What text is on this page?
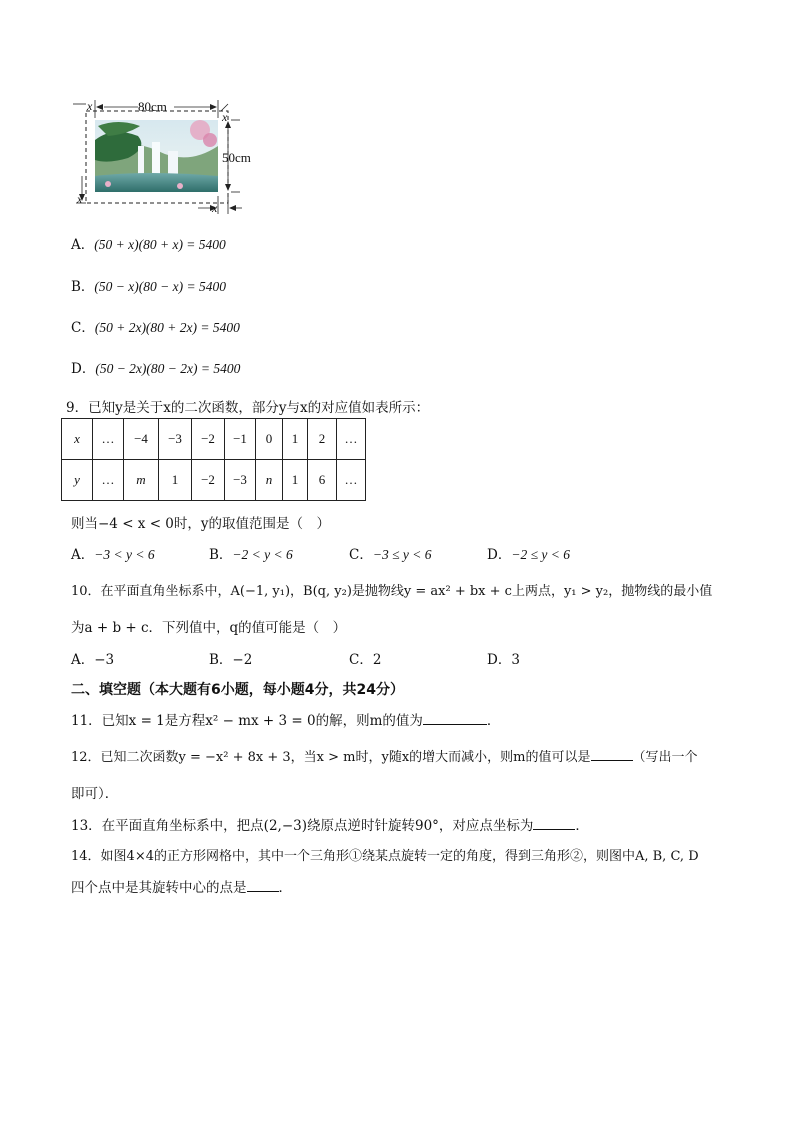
80cm
50cm
x
x
x
x
A．(50 + x)(80 + x) = 5400
B．(50 − x)(80 − x) = 5400
C．(50 + 2x)(80 + 2x) = 5400
D．(50 − 2x)(80 − 2x) = 5400
9．已知y是关于x的二次函数，部分y与x的对应值如表所示：
x	…	−4	−3	−2	−1	0	1	2	…
y	…	m	1	−2	−3	n	1	6	…
则当−4 < x < 0时，y的取值范围是（　）
A．−3 < y < 6	B．−2 < y < 6	C．−3 ≤ y < 6	D．−2 ≤ y < 6
10．在平面直角坐标系中，A(−1, y₁)，B(q, y₂)是抛物线y = ax² + bx + c上两点，y₁ > y₂，抛物线的最小值
为a + b + c．下列值中，q的值可能是（　）
A．−3	B．−2	C．2	D．3
二、填空题（本大题有6小题，每小题4分，共24分）
11．已知x = 1是方程x² − mx + 3 = 0的解，则m的值为	．
12．已知二次函数y = −x² + 8x + 3，当x > m时，y随x的增大而减小，则m的值可以是	（写出一个
即可）．
13．在平面直角坐标系中，把点(2,−3)绕原点逆时针旋转90°，对应点坐标为	．
14．如图4×4的正方形网格中，其中一个三角形①绕某点旋转一定的角度，得到三角形②，则图中A, B, C, D
四个点中是其旋转中心的点是 ．
